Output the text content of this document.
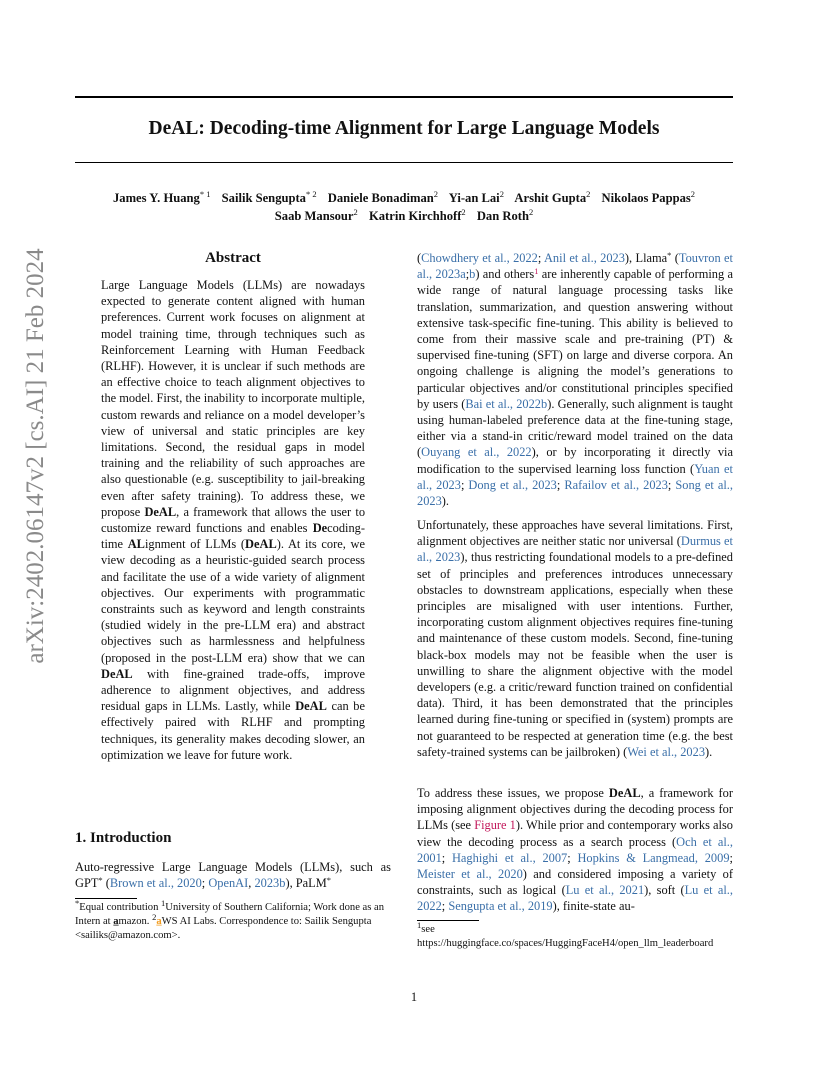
DeAL: Decoding-time Alignment for Large Language Models
James Y. Huang$^{* 1}$ Sailik Sengupta$^{* 2}$ Daniele Bonadiman$^2$ Yi-an Lai$^2$ Arshit Gupta$^2$ Nikolaos Pappas$^2$
Saab Mansour$^2$ Katrin Kirchhoff$^2$ Dan Roth$^2$
arXiv:2402.06147v2 [cs.AI] 21 Feb 2024	Abstract

Large Language Models (LLMs) are nowadays expected to generate content aligned with human preferences. Current work focuses on alignment at model training time, through techniques such as Reinforcement Learning with Human Feedback (RLHF). However, it is unclear if such methods are an effective choice to teach alignment objectives to the model. First, the inability to incorporate multiple, custom rewards and reliance on a model developer’s view of universal and static principles are key limitations. Second, the residual gaps in model training and the reliability of such approaches are also questionable (e.g. susceptibility to jail-breaking even after safety training). To address these, we propose DeAL, a framework that allows the user to customize reward functions and enables Decoding-time ALignment of LLMs (DeAL). At its core, we view decoding as a heuristic-guided search process and facilitate the use of a wide variety of alignment objectives. Our experiments with programmatic constraints such as keyword and length constraints (studied widely in the pre-LLM era) and abstract objectives such as harmlessness and helpfulness (proposed in the post-LLM era) show that we can DeAL with fine-grained trade-offs, improve adherence to alignment objectives, and address residual gaps in LLMs. Lastly, while DeAL can be effectively paired with RLHF and prompting techniques, its generality makes decoding slower, an optimization we leave for future work.

1. Introduction

Auto-regressive Large Language Models (LLMs), such as GPT* (Brown et al., 2020; OpenAI, 2023b), PaLM*

*Equal contribution $^1$University of Southern California; Work done as an Intern at a̲mazon. $^2$a̲WS AI Labs. Correspondence to: Sailik Sengupta <sailiks@amazon.com>.

(Chowdhery et al., 2022; Anil et al., 2023), Llama* (Touvron et al., 2023a;b) and others$^1$ are inherently capable of performing a wide range of natural language processing tasks like translation, summarization, and question answering without extensive task-specific fine-tuning. This ability is believed to come from their massive scale and pre-training (PT) & supervised fine-tuning (SFT) on large and diverse corpora. An ongoing challenge is aligning the model’s generations to particular objectives and/or constitutional principles specified by users (Bai et al., 2022b). Generally, such alignment is taught using human-labeled preference data at the fine-tuning stage, either via a stand-in critic/reward model trained on the data (Ouyang et al., 2022), or by incorporating it directly via modification to the supervised learning loss function (Yuan et al., 2023; Dong et al., 2023; Rafailov et al., 2023; Song et al., 2023).

Unfortunately, these approaches have several limitations. First, alignment objectives are neither static nor universal (Durmus et al., 2023), thus restricting foundational models to a pre-defined set of principles and preferences introduces unnecessary obstacles to downstream applications, especially when these principles are misaligned with user intentions. Further, incorporating custom alignment objectives requires fine-tuning and maintenance of these custom models. Second, fine-tuning black-box models may not be feasible when the user is unwilling to share the alignment objective with the model developers (e.g. a critic/reward function trained on confidential data). Third, it has been demonstrated that the principles learned during fine-tuning or specified in (system) prompts are not guaranteed to be respected at generation time (e.g. the best safety-trained systems can be jailbroken) (Wei et al., 2023).

To address these issues, we propose DeAL, a framework for imposing alignment objectives during the decoding process for LLMs (see Figure 1). While prior and contemporary works also view the decoding process as a search process (Och et al., 2001; Haghighi et al., 2007; Hopkins & Langmead, 2009; Meister et al., 2020) and considered imposing a variety of constraints, such as logical (Lu et al., 2021), soft (Lu et al., 2022; Sengupta et al., 2019), finite-state au-

$^1$see https://huggingface.co/spaces/HuggingFaceH4/open_llm_leaderboard

1
